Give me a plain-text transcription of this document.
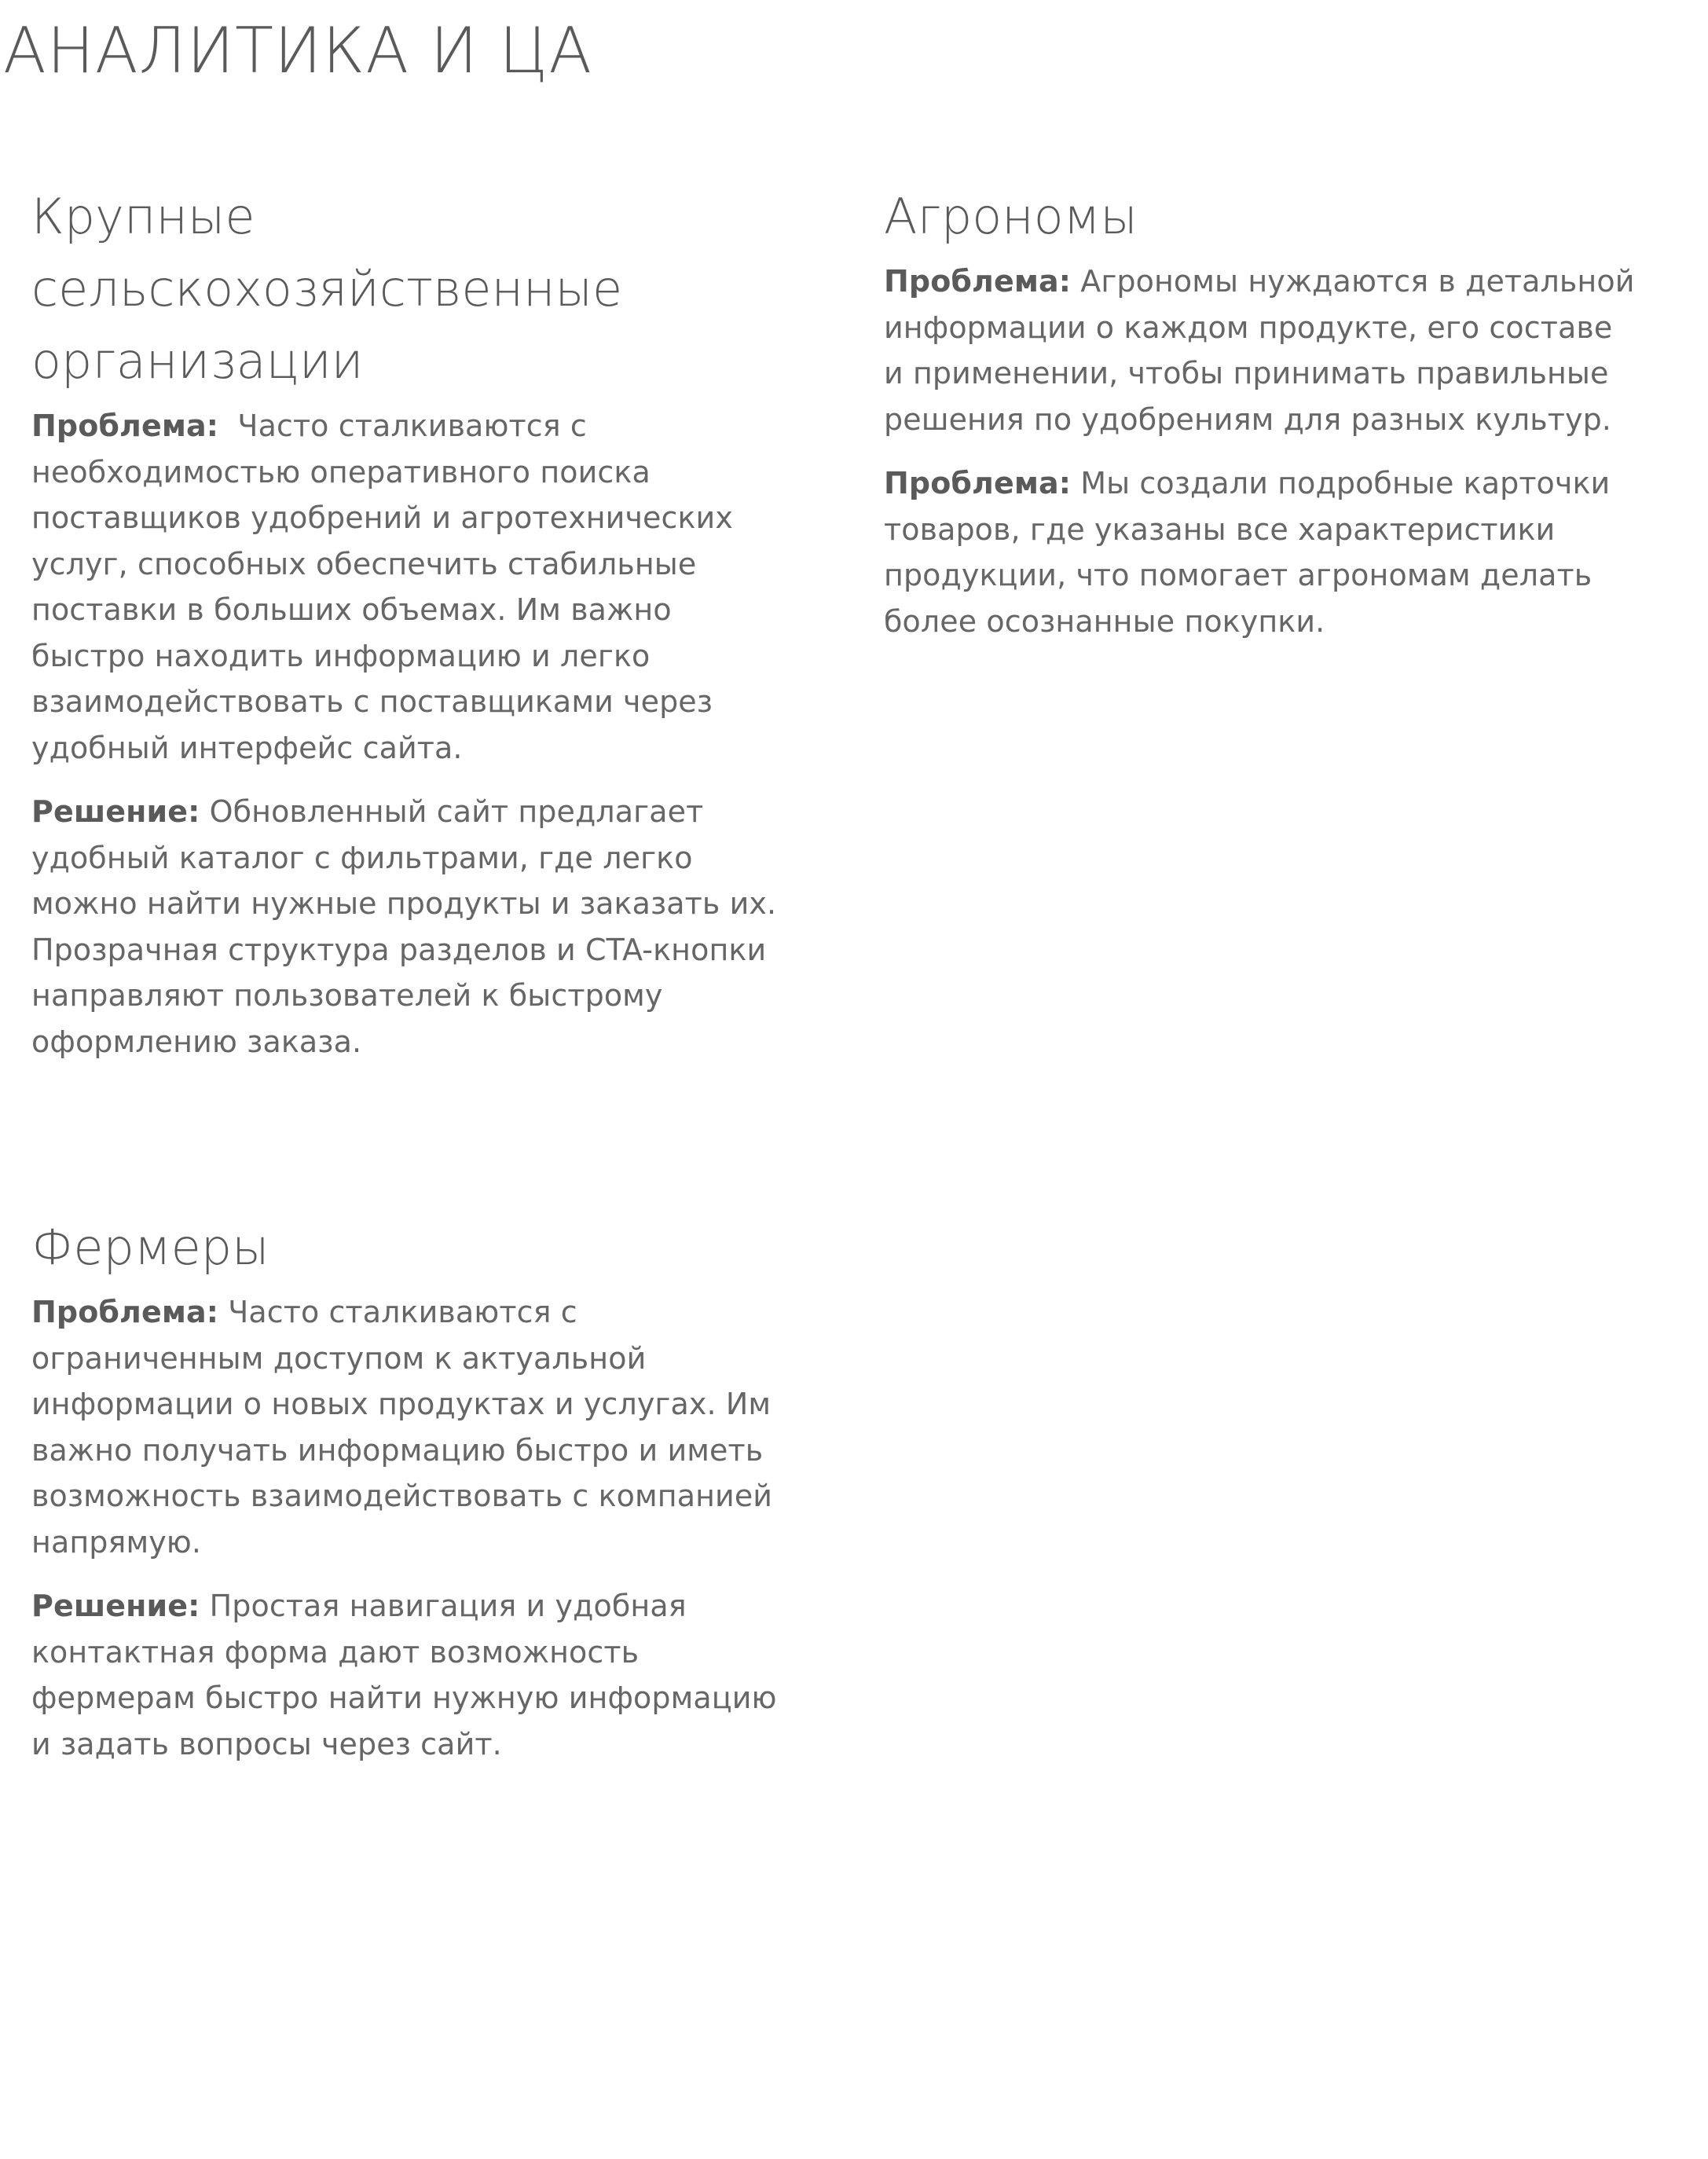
АНАЛИТИКА И ЦА
Крупные сельскохозяйственные организации

Проблема:  Часто сталкиваются с необходимостью оперативного поиска поставщиков удобрений и агротехнических услуг, способных обеспечить стабильные поставки в больших объемах. Им важно быстро находить информацию и легко взаимодействовать с поставщиками через удобный интерфейс сайта.

Решение: Обновленный сайт предлагает удобный каталог с фильтрами, где легко можно найти нужные продукты и заказать их. Прозрачная структура разделов и CTA-кнопки направляют пользователей к быстрому оформлению заказа.

Агрономы

Проблема: Агрономы нуждаются в детальной информации о каждом продукте, его составе и применении, чтобы принимать правильные решения по удобрениям для разных культур.

Проблема: Мы создали подробные карточки товаров, где указаны все характеристики продукции, что помогает агрономам делать более осознанные покупки.

Фермеры

Проблема: Часто сталкиваются с ограниченным доступом к актуальной информации о новых продуктах и услугах. Им важно получать информацию быстро и иметь возможность взаимодействовать с компанией напрямую.

Решение: Простая навигация и удобная контактная форма дают возможность фермерам быстро найти нужную информацию и задать вопросы через сайт.
